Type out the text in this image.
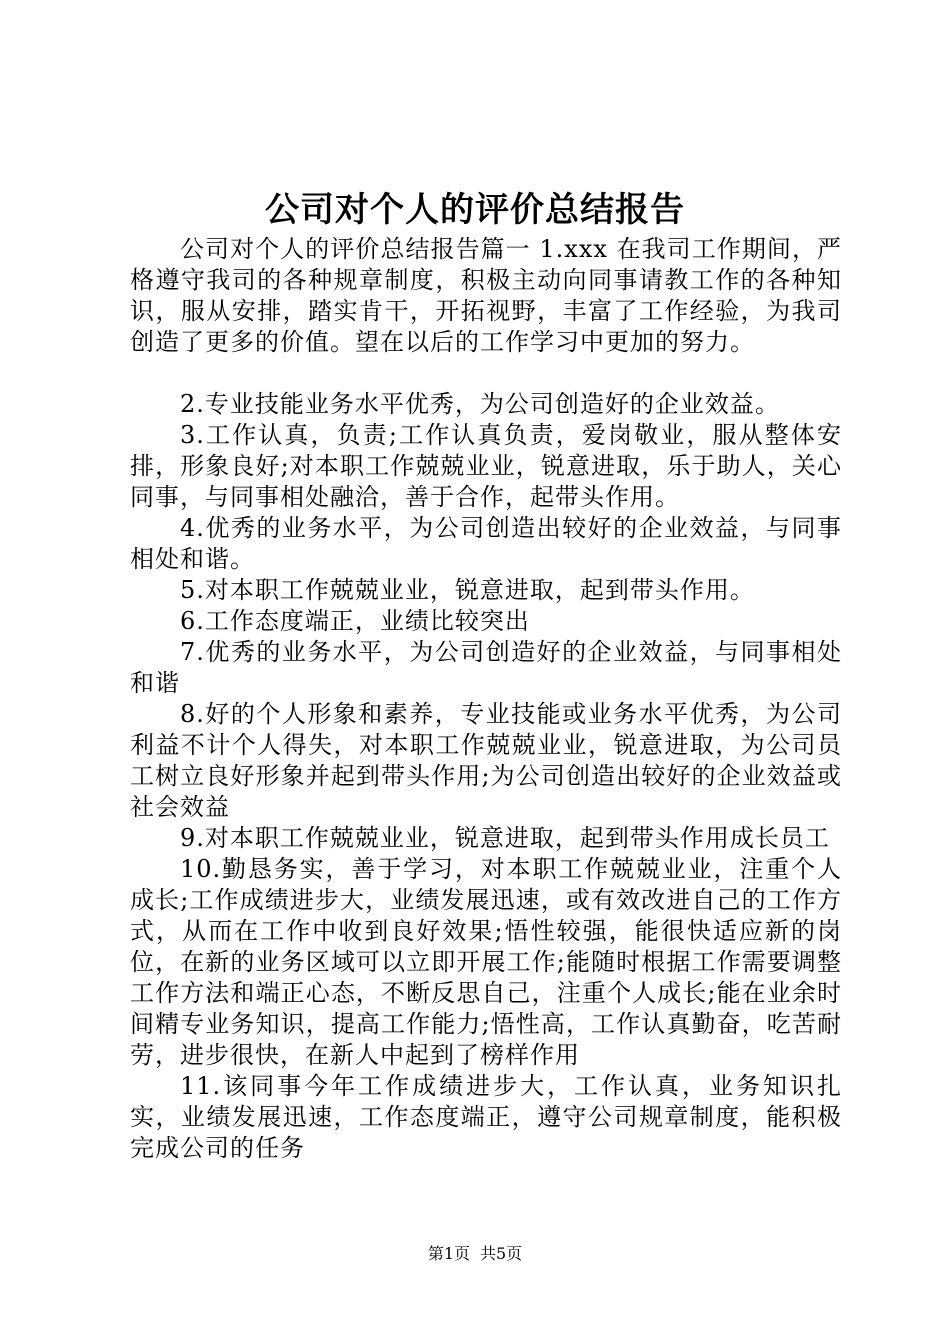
公司对个人的评价总结报告

公司对个人的评价总结报告篇一 1.xxx 在我司工作期间，严格遵守我司的各种规章制度，积极主动向同事请教工作的各种知识，服从安排，踏实肯干，开拓视野，丰富了工作经验，为我司创造了更多的价值。望在以后的工作学习中更加的努力。

2.专业技能业务水平优秀，为公司创造好的企业效益。

3.工作认真，负责;工作认真负责，爱岗敬业，服从整体安排，形象良好;对本职工作兢兢业业，锐意进取，乐于助人，关心同事，与同事相处融洽，善于合作，起带头作用。

4.优秀的业务水平，为公司创造出较好的企业效益，与同事相处和谐。

5.对本职工作兢兢业业，锐意进取，起到带头作用。

6.工作态度端正，业绩比较突出

7.优秀的业务水平，为公司创造好的企业效益，与同事相处和谐

8.好的个人形象和素养，专业技能或业务水平优秀，为公司利益不计个人得失，对本职工作兢兢业业，锐意进取，为公司员工树立良好形象并起到带头作用;为公司创造出较好的企业效益或社会效益

9.对本职工作兢兢业业，锐意进取，起到带头作用成长员工

10.勤恳务实，善于学习，对本职工作兢兢业业，注重个人成长;工作成绩进步大，业绩发展迅速，或有效改进自己的工作方式，从而在工作中收到良好效果;悟性较强，能很快适应新的岗位，在新的业务区域可以立即开展工作;能随时根据工作需要调整工作方法和端正心态，不断反思自己，注重个人成长;能在业余时间精专业务知识，提高工作能力;悟性高，工作认真勤奋，吃苦耐劳，进步很快，在新人中起到了榜样作用

11.该同事今年工作成绩进步大，工作认真，业务知识扎实，业绩发展迅速，工作态度端正，遵守公司规章制度，能积极完成公司的任务

第1页 共5页
